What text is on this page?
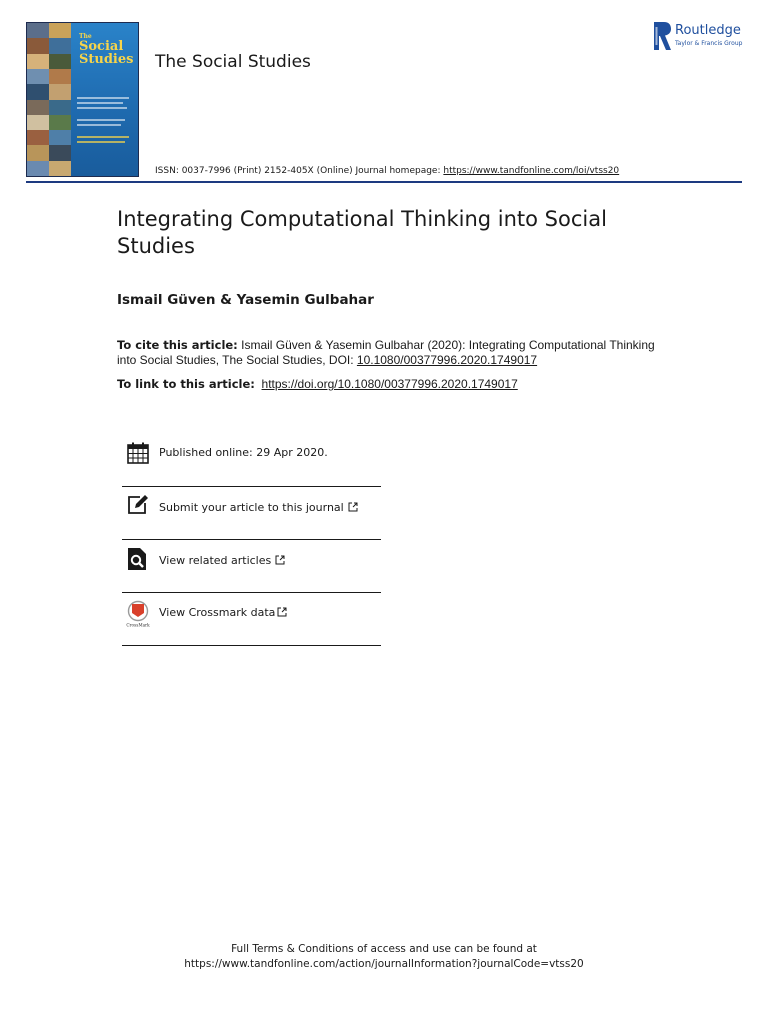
The
Social
Studies	The Social Studies
Routledge
Taylor & Francis Group
ISSN: 0037-7996 (Print) 2152-405X (Online) Journal homepage: https://www.tandfonline.com/loi/vtss20
Integrating Computational Thinking into Social Studies
Ismail Güven & Yasemin Gulbahar
To cite this article: Ismail Güven & Yasemin Gulbahar (2020): Integrating Computational Thinking into Social Studies, The Social Studies, DOI: 10.1080/00377996.2020.1749017
To link to this article: https://doi.org/10.1080/00377996.2020.1749017
Published online: 29 Apr 2020.
Submit your article to this journal
View related articles
CrossMark
View Crossmark data
Full Terms & Conditions of access and use can be found at
https://www.tandfonline.com/action/journalInformation?journalCode=vtss20
